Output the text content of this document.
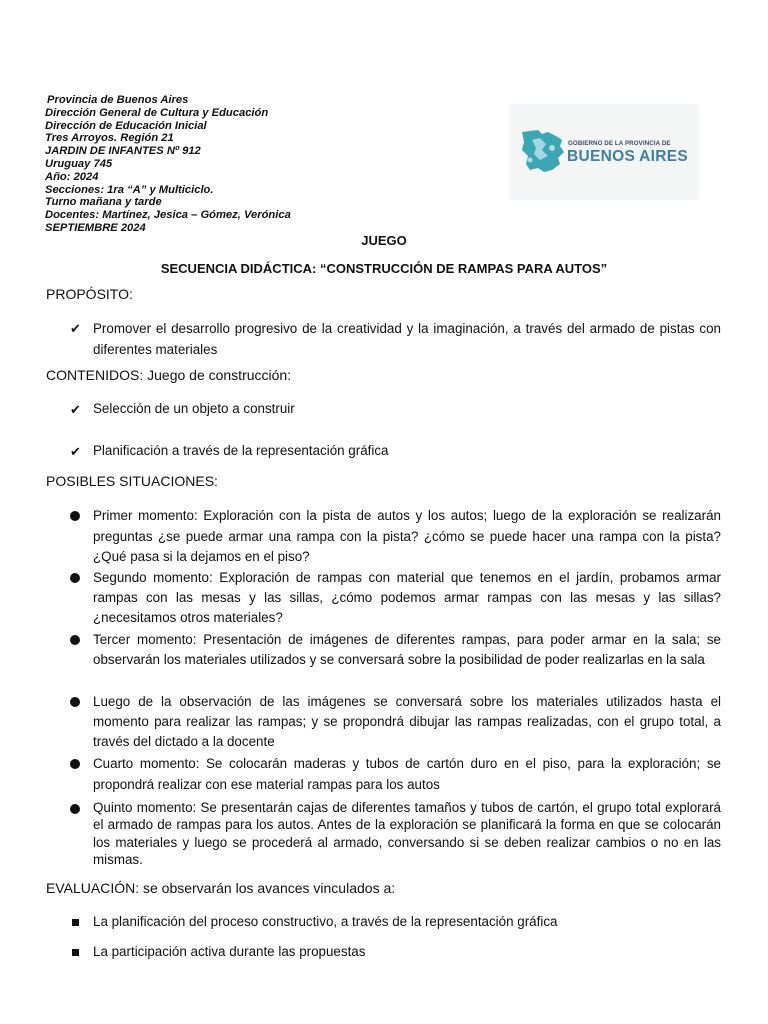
Provincia de Buenos Aires
Dirección General de Cultura y Educación
Dirección de Educación Inicial
Tres Arroyos. Región 21
JARDIN DE INFANTES Nº 912
Uruguay 745
Año: 2024
Secciones: 1ra “A” y Multiciclo.
Turno mañana y tarde
Docentes: Martínez, Jesica – Gómez, Verónica
SEPTIEMBRE 2024
GOBIERNO DE LA PROVINCIA DE
BUENOS AIRES
JUEGO
SECUENCIA DIDÁCTICA: “CONSTRUCCIÓN DE RAMPAS PARA AUTOS”
PROPÓSITO:
✔ Promover el desarrollo progresivo de la creatividad y la imaginación, a través del armado de pistas con diferentes materiales
CONTENIDOS: Juego de construcción:
✔ Selección de un objeto a construir
✔ Planificación a través de la representación gráfica
POSIBLES SITUACIONES:
Primer momento: Exploración con la pista de autos y los autos; luego de la exploración se realizarán preguntas ¿se puede armar una rampa con la pista? ¿cómo se puede hacer una rampa con la pista? ¿Qué pasa si la dejamos en el piso?
Segundo momento: Exploración de rampas con material que tenemos en el jardín, probamos armar rampas con las mesas y las sillas, ¿cómo podemos armar rampas con las mesas y las sillas? ¿necesitamos otros materiales?
Tercer momento: Presentación de imágenes de diferentes rampas, para poder armar en la sala; se observarán los materiales utilizados y se conversará sobre la posibilidad de poder realizarlas en la sala
Luego de la observación de las imágenes se conversará sobre los materiales utilizados hasta el momento para realizar las rampas; y se propondrá dibujar las rampas realizadas, con el grupo total, a través del dictado a la docente
Cuarto momento: Se colocarán maderas y tubos de cartón duro en el piso, para la exploración; se propondrá realizar con ese material rampas para los autos
Quinto momento: Se presentarán cajas de diferentes tamaños y tubos de cartón, el grupo total explorará el armado de rampas para los autos. Antes de la exploración se planificará la forma en que se colocarán los materiales y luego se procederá al armado, conversando si se deben realizar cambios o no en las mismas.
EVALUACIÓN: se observarán los avances vinculados a:
La planificación del proceso constructivo, a través de la representación gráfica
La participación activa durante las propuestas
